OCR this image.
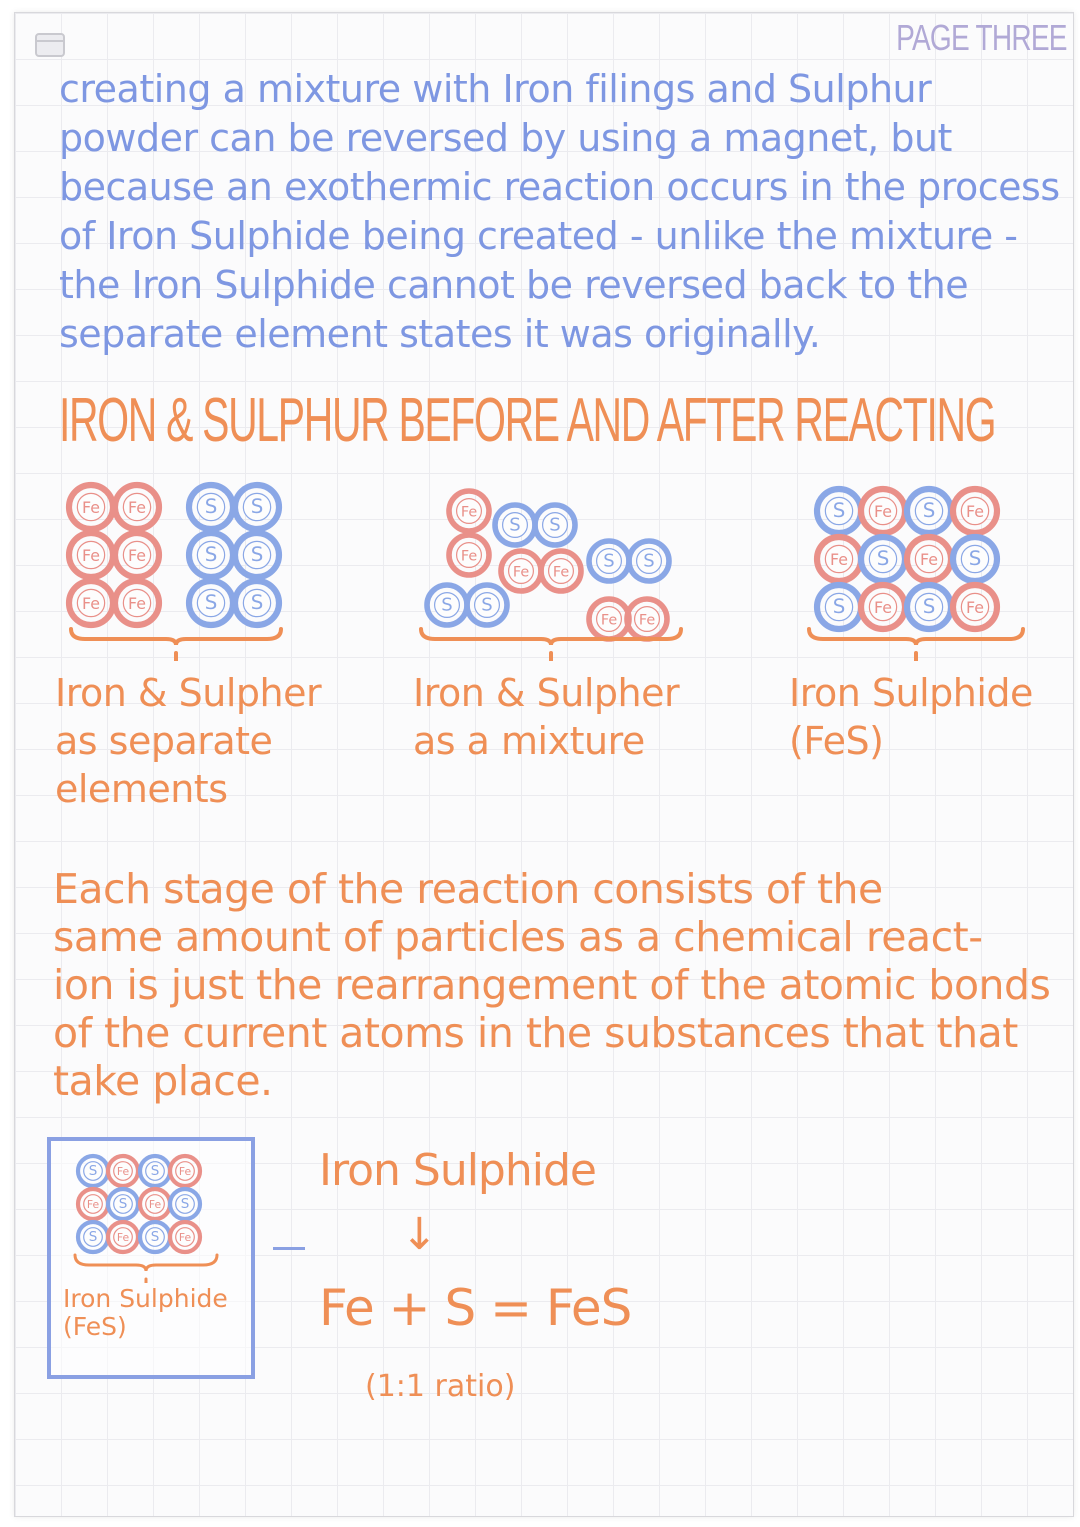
PAGE THREE
creating a mixture with Iron filings and Sulphur
powder can be reversed by using a magnet, but
because an exothermic reaction occurs in the process
of Iron Sulphide being created - unlike the mixture -
the Iron Sulphide cannot be reversed back to the
separate element states it was originally.
IRON & SULPHUR BEFORE AND AFTER REACTING
Fe Fe
Fe Fe
Fe Fe
S S
S S
S S
Iron & Sulpher
as separate
elements
Fe
Fe
S S
Fe Fe
S S
S S
Fe Fe
Iron & Sulpher
as a mixture
S Fe S Fe
Fe S Fe S
S Fe S Fe
Iron Sulphide
(FeS)
Each stage of the reaction consists of the
same amount of particles as a chemical react-
ion is just the rearrangement of the atomic bonds
of the current atoms in the substances that that
take place.
S Fe S Fe
Fe S Fe S
S Fe S Fe
Iron Sulphide
(FeS)
Iron Sulphide
↓
Fe + S = FeS
(1:1 ratio)
